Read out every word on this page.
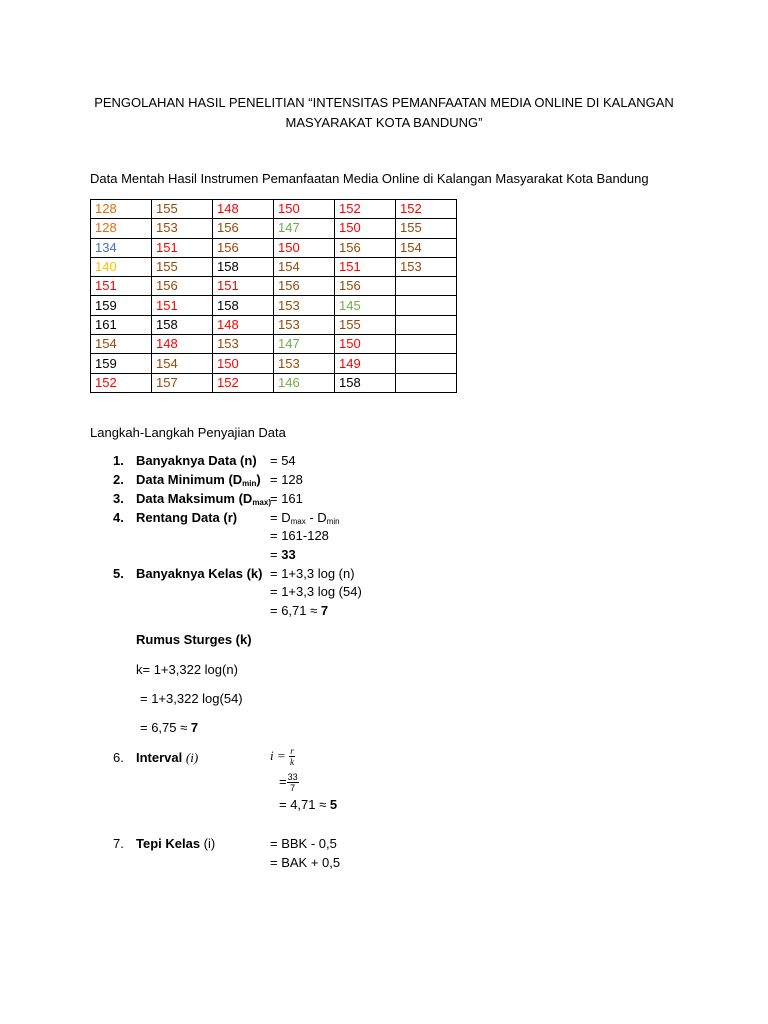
PENGOLAHAN HASIL PENELITIAN “INTENSITAS PEMANFAATAN MEDIA ONLINE DI KALANGAN
MASYARAKAT KOTA BANDUNG”
Data Mentah Hasil Instrumen Pemanfaatan Media Online di Kalangan Masyarakat Kota Bandung
128	155	148	150	152	152
128	153	156	147	150	155
134	151	156	150	156	154
140	155	158	154	151	153
151	156	151	156	156	
159	151	158	153	145	
161	158	148	153	155	
154	148	153	147	150	
159	154	150	153	149	
152	157	152	146	158	
Langkah-Langkah Penyajian Data
1. Banyaknya Data (n) = 54
2. Data Minimum $(D_{min}) = 128$
3. Data Maksimum ($D_{max)} = 161$
4. Rentang Data (r)	= $D_{max} - D_{min}$
= 161-128
= 33
5. Banyaknya Kelas (k) = 1+3,3 log (n)
= 1+3,3 log (54)
= 6,71 ≈ 7
Rumus Sturges (k)
k= 1+3,322 log(n)
= 1+3,322 log(54)
= 6,75 ≈ 7
6. Interval (i)	$i = \frac{r}{k}$
= $\frac{33}{7}$
= 4,71 ≈ 5
7. Tepi Kelas (i)	= BBK - 0,5
= BAK + 0,5
